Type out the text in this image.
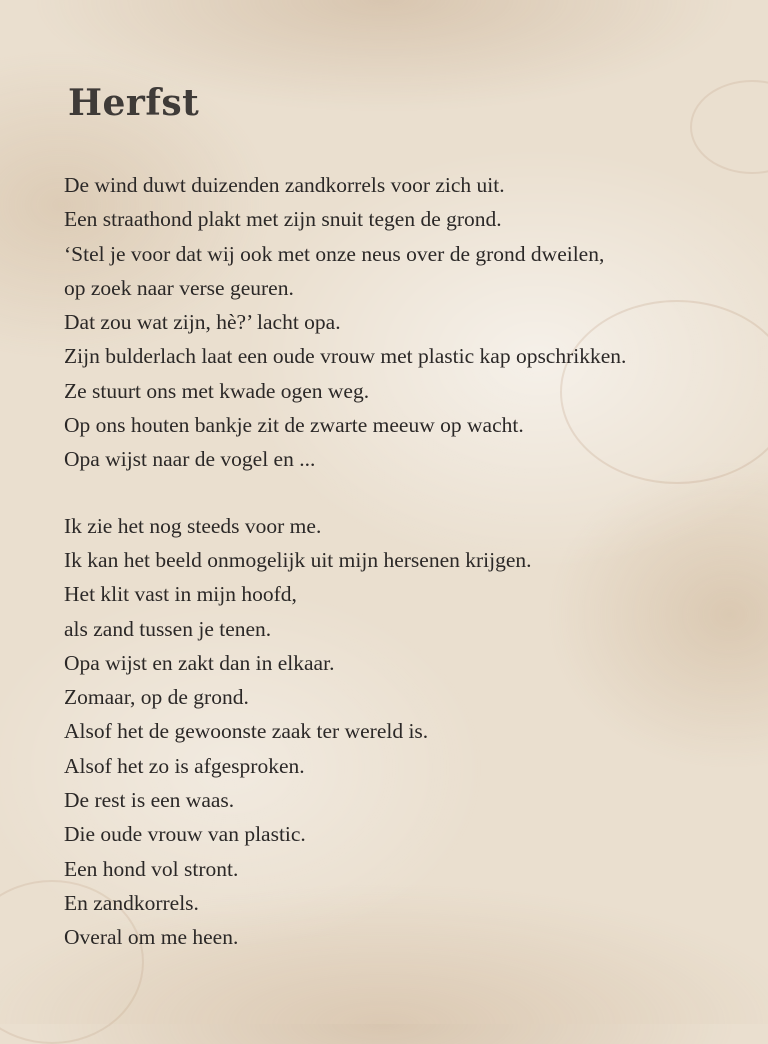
Herfst

De wind duwt duizenden zandkorrels voor zich uit.
Een straathond plakt met zijn snuit tegen de grond.
‘Stel je voor dat wij ook met onze neus over de grond dweilen,
op zoek naar verse geuren.
Dat zou wat zijn, hè?’ lacht opa.
Zijn bulderlach laat een oude vrouw met plastic kap opschrikken.
Ze stuurt ons met kwade ogen weg.
Op ons houten bankje zit de zwarte meeuw op wacht.
Opa wijst naar de vogel en ...

Ik zie het nog steeds voor me.
Ik kan het beeld onmogelijk uit mijn hersenen krijgen.
Het klit vast in mijn hoofd,
als zand tussen je tenen.
Opa wijst en zakt dan in elkaar.
Zomaar, op de grond.
Alsof het de gewoonste zaak ter wereld is.
Alsof het zo is afgesproken.
De rest is een waas.
Die oude vrouw van plastic.
Een hond vol stront.
En zandkorrels.
Overal om me heen.
